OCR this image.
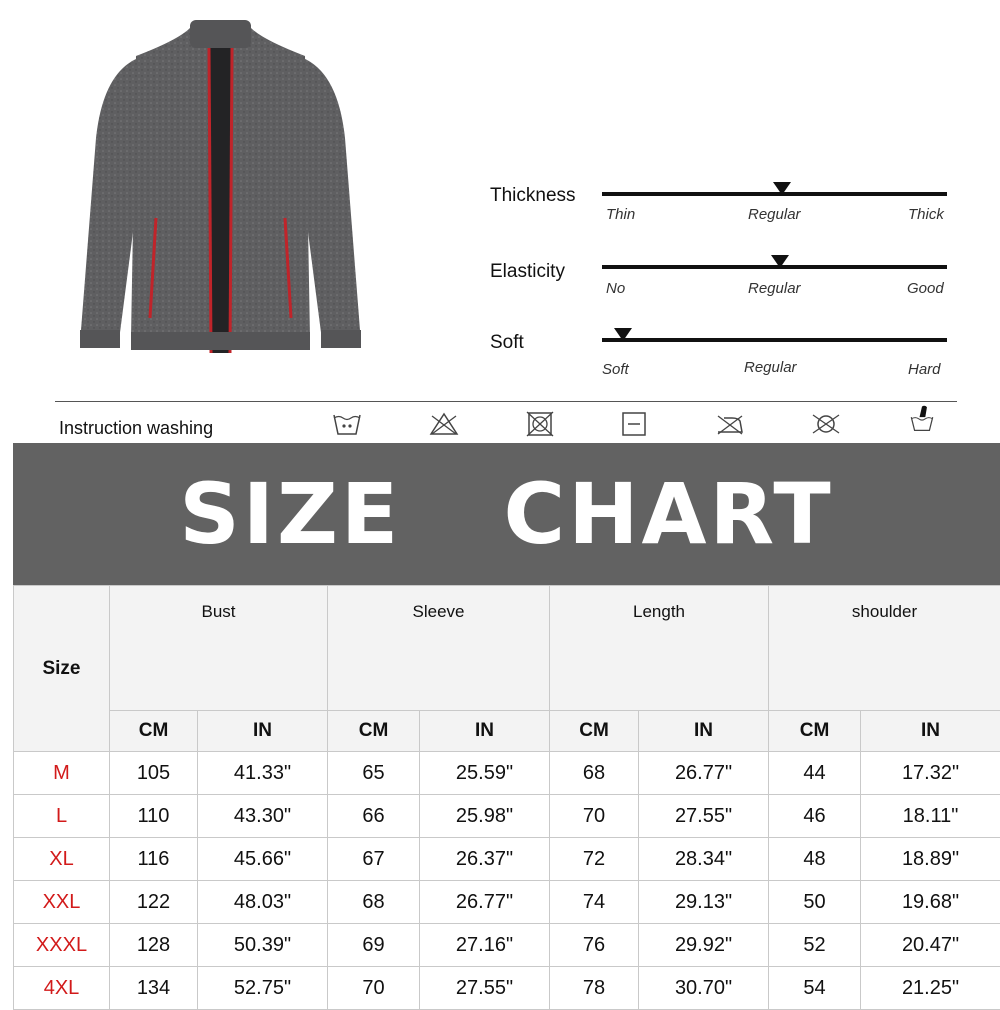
Thickness
Thin	Regular	Thick
Elasticity
No	Regular	Good
Soft
Soft	Regular	Hard
Instruction washing
SIZE CHART
Size	Bust		Sleeve		Length		shoulder	
	CM	IN	CM	IN	CM	IN	CM	IN
M	105	41.33"	65	25.59"	68	26.77"	44	17.32"
L	110	43.30"	66	25.98"	70	27.55"	46	18.11"
XL	116	45.66"	67	26.37"	72	28.34"	48	18.89"
XXL	122	48.03"	68	26.77"	74	29.13"	50	19.68"
XXXL	128	50.39"	69	27.16"	76	29.92"	52	20.47"
4XL	134	52.75"	70	27.55"	78	30.70"	54	21.25"
